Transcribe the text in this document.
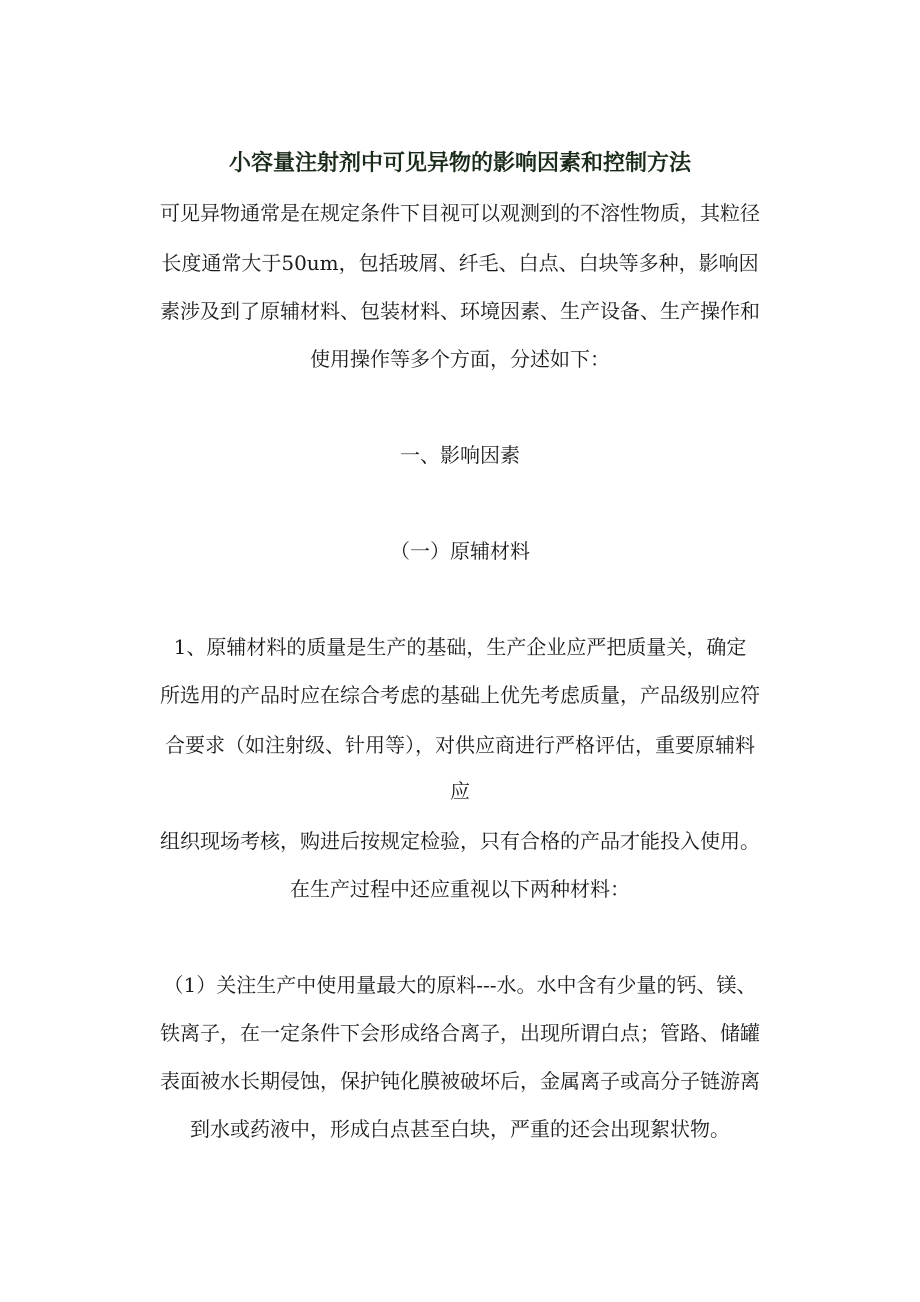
小容量注射剂中可见异物的影响因素和控制方法
可见异物通常是在规定条件下目视可以观测到的不溶性物质，其粒径
长度通常大于50um，包括玻屑、纤毛、白点、白块等多种，影响因
素涉及到了原辅材料、包装材料、环境因素、生产设备、生产操作和
使用操作等多个方面，分述如下：
一、影响因素
（一）原辅材料
1、原辅材料的质量是生产的基础，生产企业应严把质量关，确定
所选用的产品时应在综合考虑的基础上优先考虑质量，产品级别应符
合要求（如注射级、针用等），对供应商进行严格评估，重要原辅料
应
组织现场考核，购进后按规定检验，只有合格的产品才能投入使用。
在生产过程中还应重视以下两种材料：
（1）关注生产中使用量最大的原料---水。水中含有少量的钙、镁、
铁离子，在一定条件下会形成络合离子，出现所谓白点；管路、储罐
表面被水长期侵蚀，保护钝化膜被破坏后，金属离子或高分子链游离
到水或药液中，形成白点甚至白块，严重的还会出现絮状物。
